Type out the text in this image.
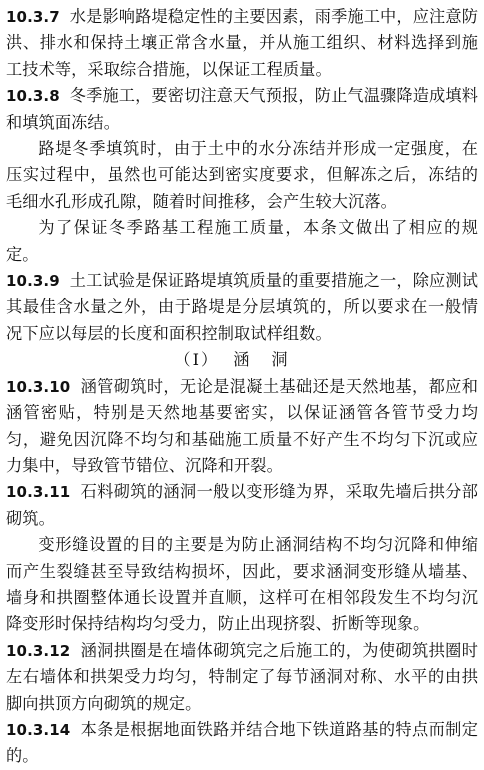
10.3.7 水是影响路堤稳定性的主要因素，雨季施工中，应注意防洪、排水和保持土壤正常含水量，并从施工组织、材料选择到施工技术等，采取综合措施，以保证工程质量。

10.3.8 冬季施工，要密切注意天气预报，防止气温骤降造成填料和填筑面冻结。

路堤冬季填筑时，由于土中的水分冻结并形成一定强度，在压实过程中，虽然也可能达到密实度要求，但解冻之后，冻结的毛细水孔形成孔隙，随着时间推移，会产生较大沉落。

为了保证冬季路基工程施工质量，本条文做出了相应的规定。

10.3.9 土工试验是保证路堤填筑质量的重要措施之一，除应测试其最佳含水量之外，由于路堤是分层填筑的，所以要求在一般情况下应以每层的长度和面积控制取试样组数。

（Ⅰ） 涵洞

10.3.10 涵管砌筑时，无论是混凝土基础还是天然地基，都应和涵管密贴，特别是天然地基要密实，以保证涵管各管节受力均匀，避免因沉降不均匀和基础施工质量不好产生不均匀下沉或应力集中，导致管节错位、沉降和开裂。

10.3.11 石料砌筑的涵洞一般以变形缝为界，采取先墙后拱分部砌筑。

变形缝设置的目的主要是为防止涵洞结构不均匀沉降和伸缩而产生裂缝甚至导致结构损坏，因此，要求涵洞变形缝从墙基、墙身和拱圈整体通长设置并直顺，这样可在相邻段发生不均匀沉降变形时保持结构均匀受力，防止出现挤裂、折断等现象。

10.3.12 涵洞拱圈是在墙体砌筑完之后施工的，为使砌筑拱圈时左右墙体和拱架受力均匀，特制定了每节涵洞对称、水平的由拱脚向拱顶方向砌筑的规定。

10.3.14 本条是根据地面铁路并结合地下铁道路基的特点而制定的。
